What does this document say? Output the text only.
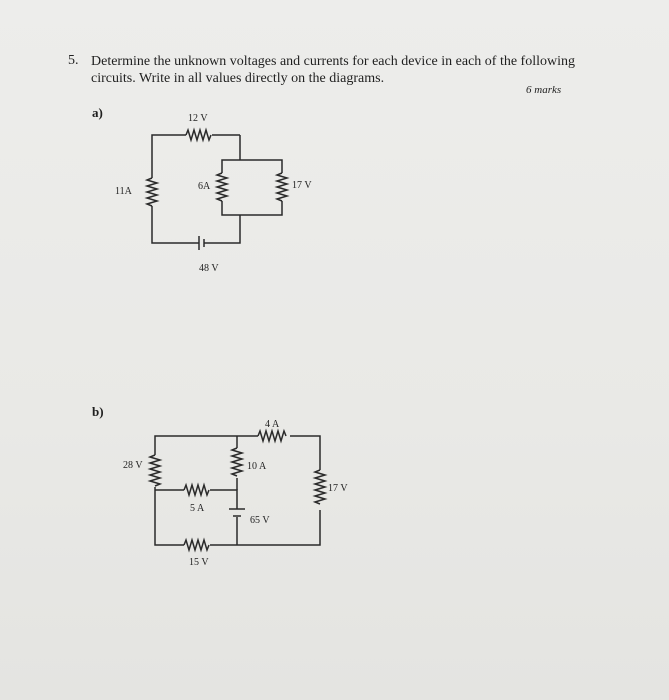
5. Determine the unknown voltages and currents for each device in each of the following
circuits. Write in all values directly on the diagrams.
6 marks
a)
b)
12 V
11A
48 V
6A	17 V
28 V
15 V
4 A
17 V
10 A
5 A
65 V
